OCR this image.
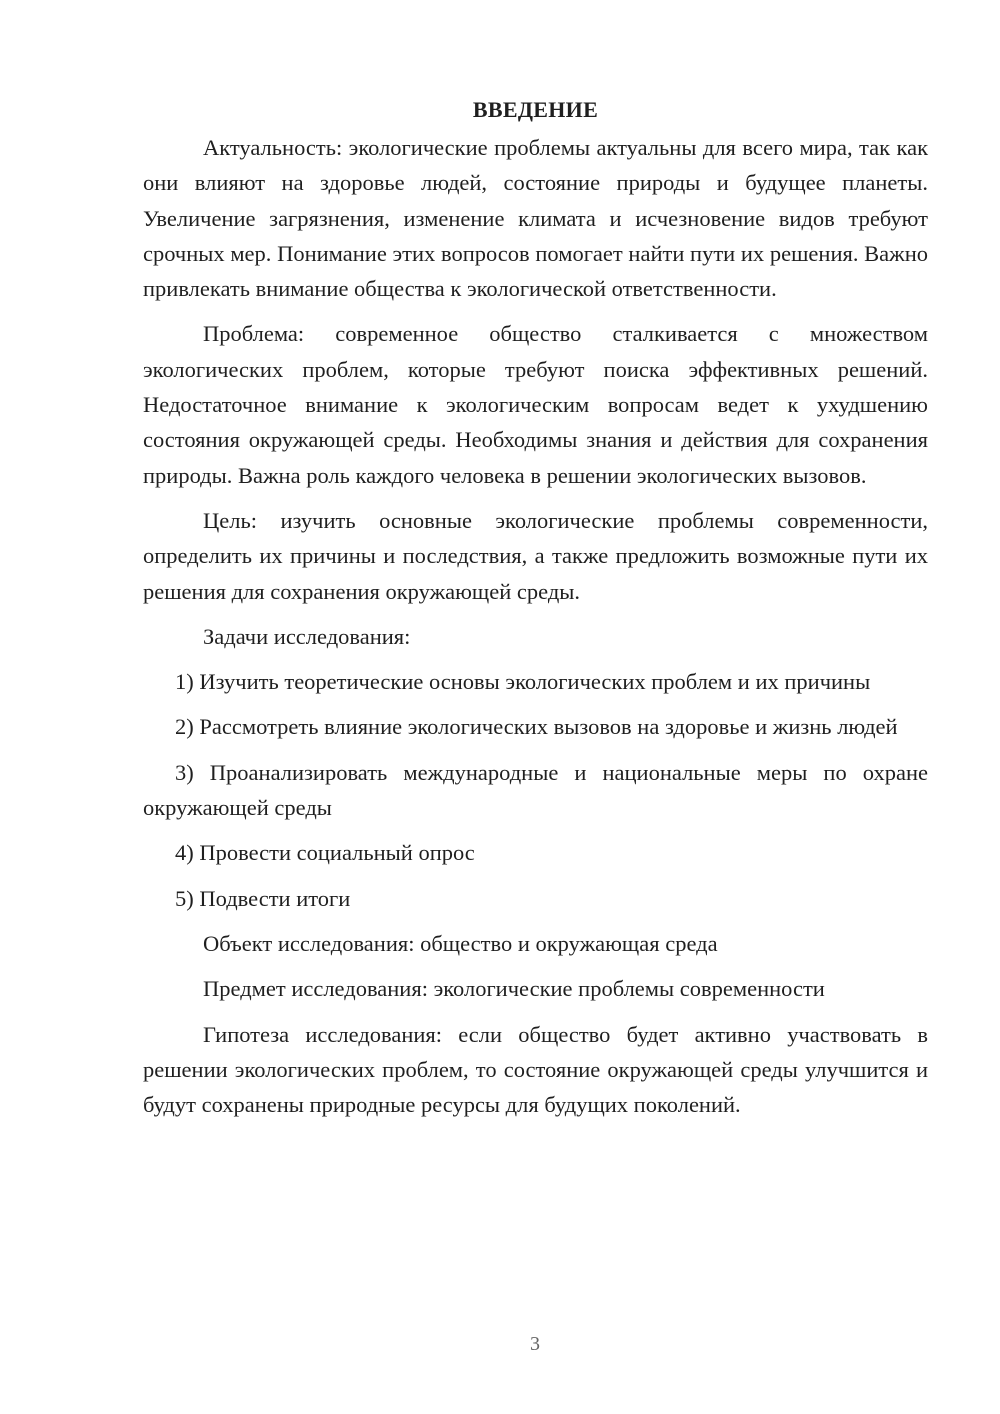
ВВЕДЕНИЕ

Актуальность: экологические проблемы актуальны для всего мира, так как они влияют на здоровье людей, состояние природы и будущее планеты. Увеличение загрязнения, изменение климата и исчезновение видов требуют срочных мер. Понимание этих вопросов помогает найти пути их решения. Важно привлекать внимание общества к экологической ответственности.

Проблема: современное общество сталкивается с множеством экологических проблем, которые требуют поиска эффективных решений. Недостаточное внимание к экологическим вопросам ведет к ухудшению состояния окружающей среды. Необходимы знания и действия для сохранения природы. Важна роль каждого человека в решении экологических вызовов.

Цель: изучить основные экологические проблемы современности, определить их причины и последствия, а также предложить возможные пути их решения для сохранения окружающей среды.

Задачи исследования:

1) Изучить теоретические основы экологических проблем и их причины

2) Рассмотреть влияние экологических вызовов на здоровье и жизнь людей

3) Проанализировать международные и национальные меры по охране окружающей среды

4) Провести социальный опрос

5) Подвести итоги

Объект исследования: общество и окружающая среда

Предмет исследования: экологические проблемы современности

Гипотеза исследования: если общество будет активно участвовать в решении экологических проблем, то состояние окружающей среды улучшится и будут сохранены природные ресурсы для будущих поколений.

3
